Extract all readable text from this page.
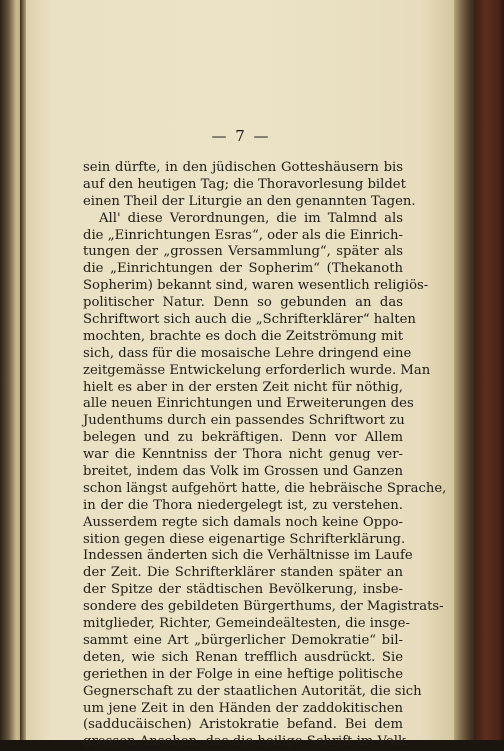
— 7 —
sein dürfte, in den jüdischen Gotteshäusern bis
auf den heutigen Tag; die Thoravorlesung bildet
einen Theil der Liturgie an den genannten Tagen.
All' diese Verordnungen, die im Talmnd als
die „Einrichtungen Esras“, oder als die Einrich-
tungen der „grossen Versammlung“, später als
die „Einrichtungen der Sopherim“ (Thekanoth
Sopherim) bekannt sind, waren wesentlich religiös-
politischer Natur. Denn so gebunden an das
Schriftwort sich auch die „Schrifterklärer“ halten
mochten, brachte es doch die Zeitströmung mit
sich, dass für die mosaische Lehre dringend eine
zeitgemässe Entwickelung erforderlich wurde. Man
hielt es aber in der ersten Zeit nicht für nöthig,
alle neuen Einrichtungen und Erweiterungen des
Judenthums durch ein passendes Schriftwort zu
belegen und zu bekräftigen. Denn vor Allem
war die Kenntniss der Thora nicht genug ver-
breitet, indem das Volk im Grossen und Ganzen
schon längst aufgehört hatte, die hebräische Sprache,
in der die Thora niedergelegt ist, zu verstehen.
Ausserdem regte sich damals noch keine Oppo-
sition gegen diese eigenartige Schrifterklärung.
Indessen änderten sich die Verhältnisse im Laufe
der Zeit. Die Schrifterklärer standen später an
der Spitze der städtischen Bevölkerung, insbe-
sondere des gebildeten Bürgerthums, der Magistrats-
mitglieder, Richter, Gemeindeältesten, die insge-
sammt eine Art „bürgerlicher Demokratie“ bil-
deten, wie sich Renan trefflich ausdrückt. Sie
geriethen in der Folge in eine heftige politische
Gegnerschaft zu der staatlichen Autorität, die sich
um jene Zeit in den Händen der zaddokitischen
(sadducäischen) Aristokratie befand. Bei dem
grossen Ansehen, das die heilige Schrift im Volk
